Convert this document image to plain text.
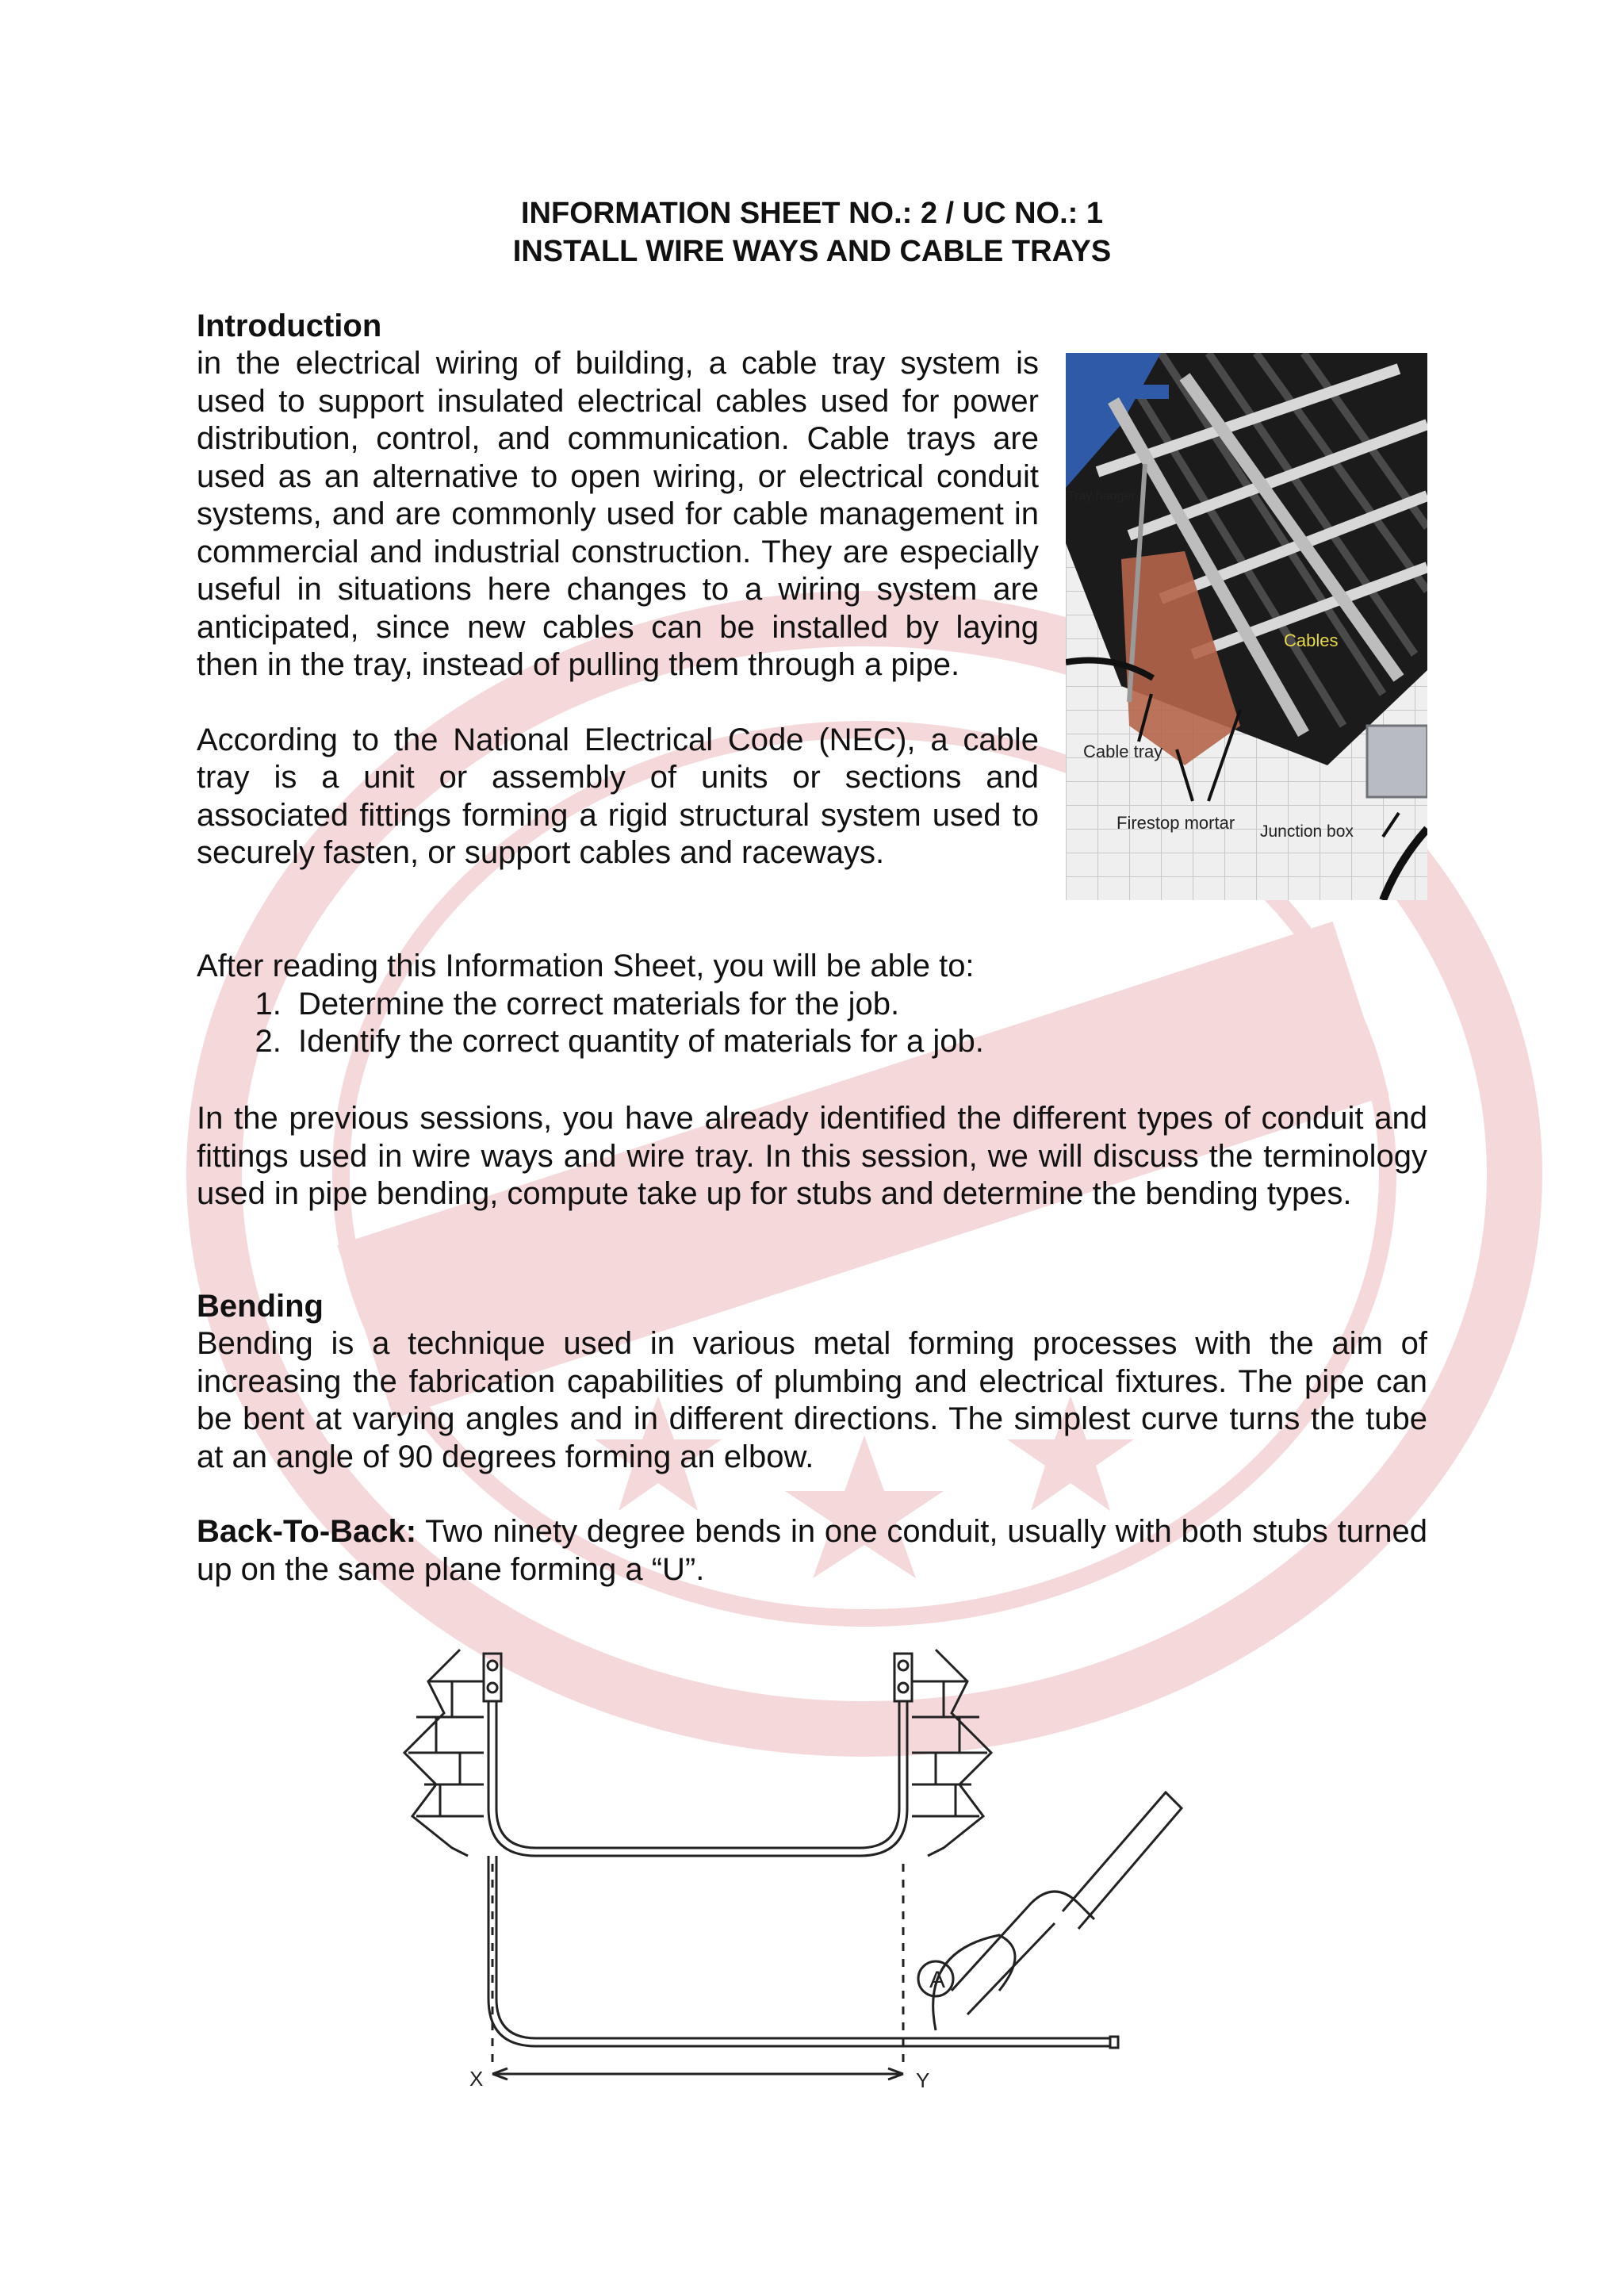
INFORMATION SHEET NO.: 2 / UC NO.: 1
INSTALL WIRE WAYS AND CABLE TRAYS
Introduction

in the electrical wiring of building, a cable tray system is used to support insulated electrical cables used for power distribution, control, and communication. Cable trays are used as an alternative to open wiring, or electrical conduit systems, and are commonly used for cable management in commercial and industrial construction. They are especially useful in situations here changes to a wiring system are anticipated, since new cables can be installed by laying then in the tray, instead of pulling them through a pipe.

According to the National Electrical Code (NEC), a cable tray is a unit or assembly of units or sections and associated fittings forming a rigid structural system used to securely fasten, or support cables and raceways.

Tray hanger
Cables
Cable tray
Firestop mortar Junction box

After reading this Information Sheet, you will be able to:

1. Determine the correct materials for the job.
2. Identify the correct quantity of materials for a job.

In the previous sessions, you have already identified the different types of conduit and fittings used in wire ways and wire tray. In this session, we will discuss the terminology used in pipe bending, compute take up for stubs and determine the bending types.

Bending

Bending is a technique used in various metal forming processes with the aim of increasing the fabrication capabilities of plumbing and electrical fixtures. The pipe can be bent at varying angles and in different directions. The simplest curve turns the tube at an angle of 90 degrees forming an elbow.

Back-To-Back: Two ninety degree bends in one conduit, usually with both stubs turned up on the same plane forming a “U”.

A
X	Y
